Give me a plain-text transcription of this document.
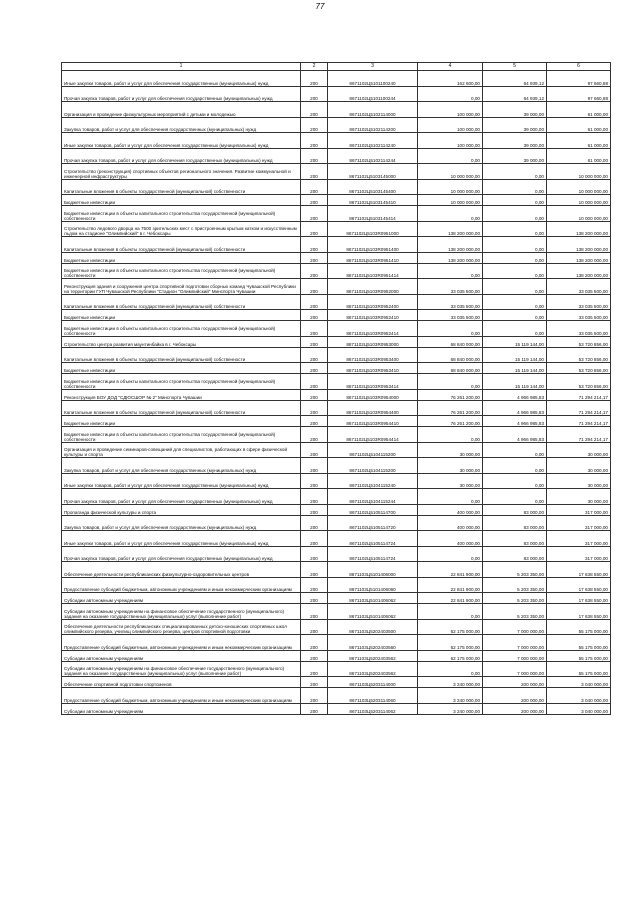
77
1	2	3	4	5	6
Иные закупки товаров, работ и услуг для обеспечения государственных (муниципальных) нужд	200	8671102Ц5101100240	162 600,00	64 939,12	97 660,88
Прочая закупка товаров, работ и услуг для обеспечения государственных (муниципальных) нужд	200	8671102Ц5101100244	0,00	64 939,12	97 660,88
Организация и проведение физкультурных мероприятий с детьми и молодежью	200	8671102Ц5102114000	100 000,00	39 000,00	61 000,00
Закупка товаров, работ и услуг для обеспечения государственных (муниципальных) нужд	200	8671102Ц5102114200	100 000,00	39 000,00	61 000,00
Иные закупки товаров, работ и услуг для обеспечения государственных (муниципальных) нужд	200	8671102Ц5102114240	100 000,00	39 000,00	61 000,00
Прочая закупка товаров, работ и услуг для обеспечения государственных (муниципальных) нужд	200	8671102Ц5102114244	0,00	39 000,00	61 000,00
Строительство (реконструкция) спортивных объектов регионального значения. Развитие коммунальной и инженерной инфраструктуры	200	8671102Ц5103145000	10 000 000,00	0,00	10 000 000,00
Капитальные вложения в объекты государственной (муниципальной) собственности	200	8671102Ц5103145400	10 000 000,00	0,00	10 000 000,00
Бюджетные инвестиции	200	8671102Ц5103145410	10 000 000,00	0,00	10 000 000,00
Бюджетные инвестиции в объекты капитального строительства государственной (муниципальной) собственности	200	8671102Ц5103145414	0,00	0,00	10 000 000,00
Строительство ледового дворца на 7500 зрительских мест с пристроенным крытым катком и искусственным льдом на стадионе "Олимпийский" в г. Чебоксары	200	8671102Ц5103R0951000	138 200 000,00	0,00	138 200 000,00
Капитальные вложения в объекты государственной (муниципальной) собственности	200	8671102Ц5103R0951400	138 200 000,00	0,00	138 200 000,00
Бюджетные инвестиции	200	8671102Ц5103R0951410	138 200 000,00	0,00	138 200 000,00
Бюджетные инвестиции в объекты капитального строительства государственной (муниципальной) собственности	200	8671102Ц5103R0951414	0,00	0,00	138 200 000,00
Реконструкция здания и сооружения центра спортивной подготовки сборных команд Чувашской Республики на территории ГУП Чувашской Республики "Стадион "Олимпийский" Минспорта Чувашии	200	8671102Ц5103R0952000	33 035 500,00	0,00	33 035 500,00
Капитальные вложения в объекты государственной (муниципальной) собственности	200	8671102Ц5103R0952400	33 035 500,00	0,00	33 035 500,00
Бюджетные инвестиции	200	8671102Ц5103R0952410	33 035 500,00	0,00	33 035 500,00
Бюджетные инвестиции в объекты капитального строительства государственной (муниципальной) собственности	200	8671102Ц5103R0952414	0,00	0,00	33 035 500,00
Строительство центра развития маунтинбайка в г. Чебоксары	200	8671102Ц5103R0953000	68 840 000,00	15 119 144,00	53 720 856,00
Капитальные вложения в объекты государственной (муниципальной) собственности	200	8671102Ц5103R0953400	68 840 000,00	15 119 144,00	53 720 856,00
Бюджетные инвестиции	200	8671102Ц5103R0953410	68 840 000,00	15 119 144,00	53 720 856,00
Бюджетные инвестиции в объекты капитального строительства государственной (муниципальной) собственности	200	8671102Ц5103R0953414	0,00	15 119 144,00	53 720 856,00
Реконструкция БОУ ДОД "СДЮСШОР № 2" Минспорта Чувашии	200	8671102Ц5103R0954000	76 261 200,00	4 966 985,83	71 294 214,17
Капитальные вложения в объекты государственной (муниципальной) собственности	200	8671102Ц5103R0954400	76 261 200,00	4 966 985,83	71 294 214,17
Бюджетные инвестиции	200	8671102Ц5103R0954410	76 261 200,00	4 966 985,83	71 294 214,17
Бюджетные инвестиции в объекты капитального строительства государственной (муниципальной) собственности	200	8671102Ц5103R0954414	0,00	4 966 985,83	71 294 214,17
Организация и проведение семинаров-совещаний для специалистов, работающих в сфере физической культуры и спорта	200	8671102Ц5104115200	30 000,00	0,00	30 000,00
Закупка товаров, работ и услуг для обеспечения государственных (муниципальных) нужд	200	8671102Ц5104115200	30 000,00	0,00	30 000,00
Иные закупки товаров, работ и услуг для обеспечения государственных (муниципальных) нужд	200	8671102Ц5104115240	30 000,00	0,00	30 000,00
Прочая закупка товаров, работ и услуг для обеспечения государственных (муниципальных) нужд	200	8671102Ц5104115244	0,00	0,00	30 000,00
Пропаганда физической культуры и спорта	200	8671102Ц5105114700	400 000,00	83 000,00	317 000,00
Закупка товаров, работ и услуг для обеспечения государственных (муниципальных) нужд	200	8671102Ц5105114720	400 000,00	83 000,00	317 000,00
Иные закупки товаров, работ и услуг для обеспечения государственных (муниципальных) нужд	200	8671102Ц5105114724	400 000,00	83 000,00	317 000,00
Прочая закупка товаров, работ и услуг для обеспечения государственных (муниципальных) нужд	200	8671102Ц5105114724	0,00	83 000,00	317 000,00
Обеспечение деятельности республиканских физкультурно-оздоровительных центров	200	8671103Ц5101406000	22 841 900,00	5 203 350,00	17 638 550,00
Предоставление субсидий бюджетным, автономным учреждениям и иным некоммерческим организациям	200	8671103Ц5101406060	22 841 900,00	5 203 350,00	17 638 550,00
Субсидии автономным учреждениям	200	8671103Ц5101406062	22 841 900,00	5 203 350,00	17 638 550,00
Субсидии автономным учреждениям на финансовое обеспечение государственного (муниципального) задания на оказание государственных (муниципальных) услуг (выполнение работ)	200	8671103Ц5101406062	0,00	5 203 350,00	17 638 550,00
Обеспечение деятельности республиканских специализированных детско-юношеских спортивных школ олимпийского резерва, училищ олимпийского резерва, центров спортивной подготовки	200	8671103Ц5202403500	62 175 000,00	7 000 000,00	55 175 000,00
Предоставление субсидий бюджетным, автономным учреждениям и иным некоммерческим организациям	200	8671103Ц5202403560	62 175 000,00	7 000 000,00	55 175 000,00
Субсидии автономным учреждениям	200	8671103Ц5202403562	62 175 000,00	7 000 000,00	55 175 000,00
Субсидии автономным учреждениям на финансовое обеспечение государственного (муниципального) задания на оказание государственных (муниципальных) услуг (выполнение работ)	200	8671103Ц5202403562	0,00	7 000 000,00	55 175 000,00
Обеспечение спортивной подготовки спортсменов	200	8671103Ц5203114000	3 240 000,00	200 000,00	3 040 000,00
Предоставление субсидий бюджетным, автономным учреждениям и иным некоммерческим организациям	200	8671103Ц5203114060	3 240 000,00	200 000,00	3 040 000,00
Субсидии автономным учреждениям	200	8671103Ц5203114062	3 240 000,00	200 000,00	3 040 000,00
